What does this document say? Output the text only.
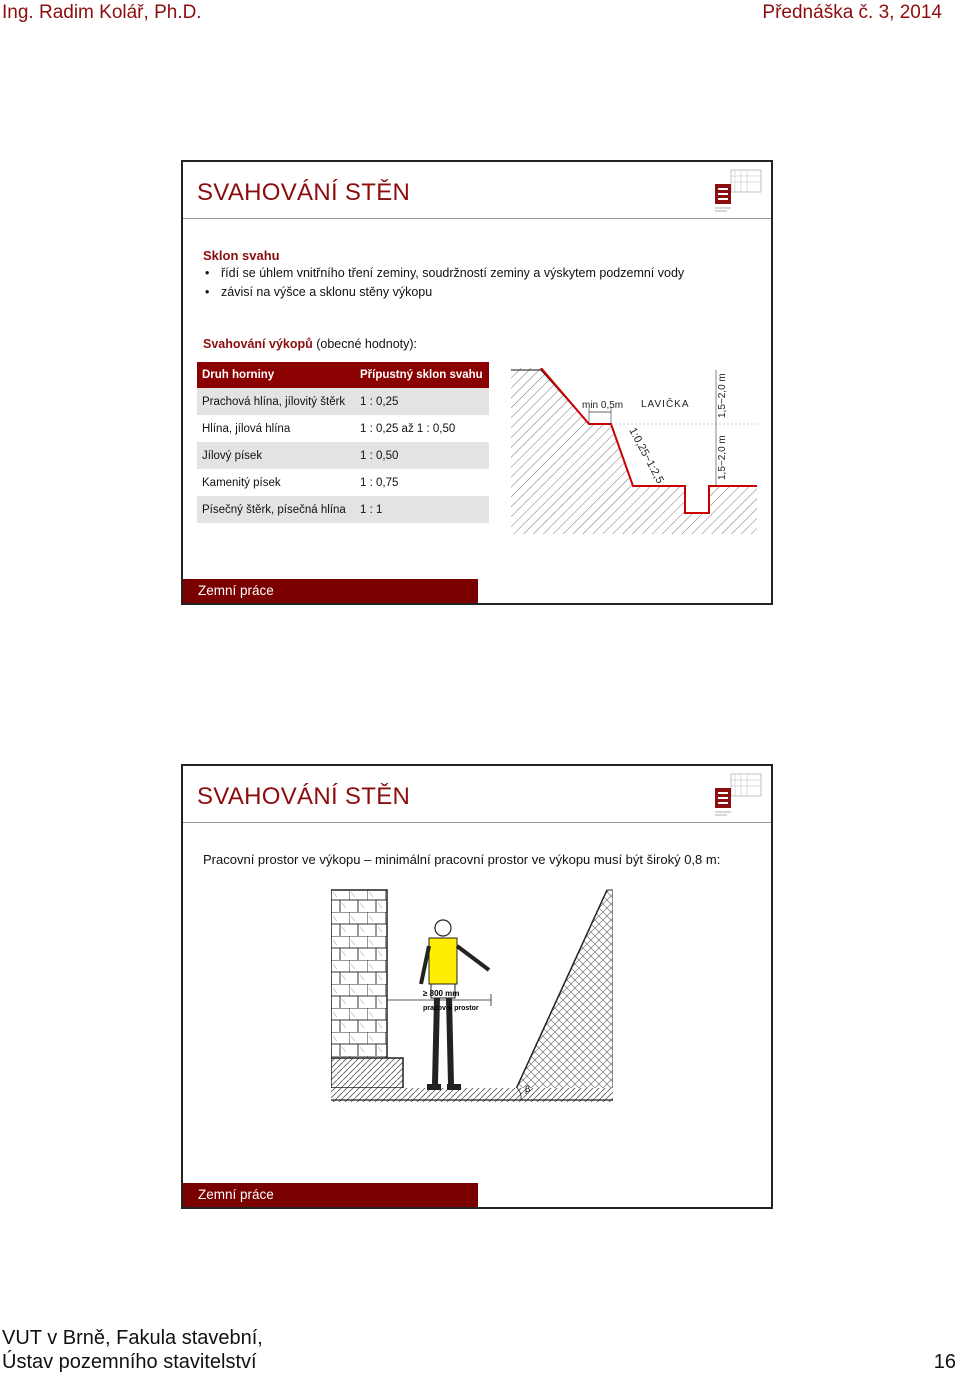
Ing. Radim Kolář, Ph.D.	Přednáška č. 3, 2014
SVAHOVÁNÍ STĚN
Sklon svahu
• řídí se úhlem vnitřního tření zeminy, soudržností zeminy a výskytem podzemní vody
• závisí na výšce a sklonu stěny výkopu
Svahování výkopů (obecné hodnoty):
Druh horniny	Přípustný sklon svahu
Prachová hlína, jílovitý štěrk	1 : 0,25
Hlína, jílová hlína	1 : 0,25 až 1 : 0,50
Jílový písek	1 : 0,50
Kamenitý písek	1 : 0,75
Písečný štěrk, písečná hlína	1 : 1
min 0,5m LAVIČKA
1:0,25~1:2,5	1,5~2,0 m
1,5~2,0 m
Zemní práce
SVAHOVÁNÍ STĚN
Pracovní prostor ve výkopu – minimální pracovní prostor ve výkopu musí být široký 0,8 m:
β
≥ 800 mm
pracovní prostor
Zemní práce
VUT v Brně, Fakula stavební,
Ústav pozemního stavitelství	16
